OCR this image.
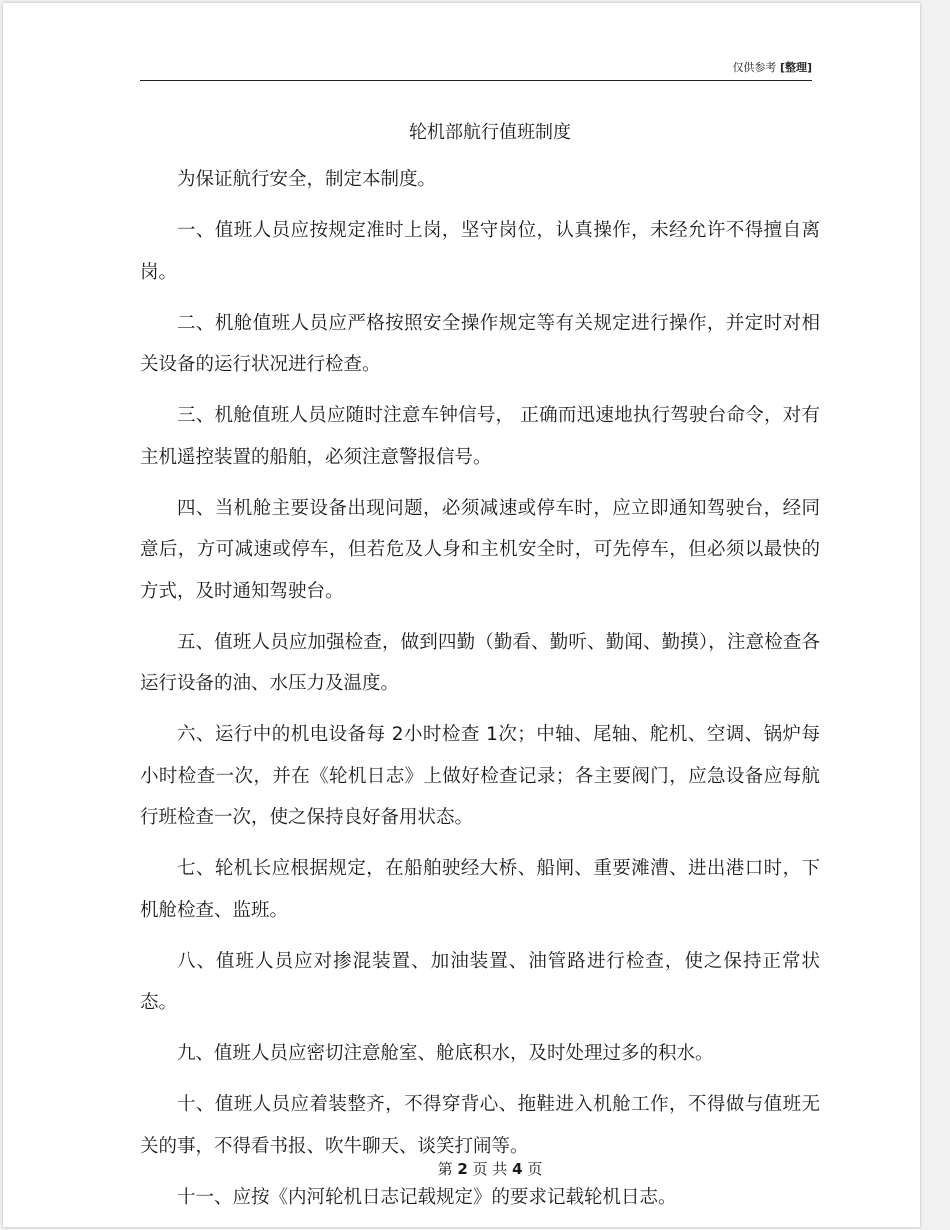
仅供参考 [整理]
轮机部航行值班制度

为保证航行安全，制定本制度。

一、值班人员应按规定准时上岗，坚守岗位，认真操作，未经允许不得擅自离岗。

二、机舱值班人员应严格按照安全操作规定等有关规定进行操作，并定时对相关设备的运行状况进行检查。

三、机舱值班人员应随时注意车钟信号， 正确而迅速地执行驾驶台命令，对有主机遥控装置的船舶，必须注意警报信号。

四、当机舱主要设备出现问题，必须减速或停车时，应立即通知驾驶台，经同意后，方可减速或停车，但若危及人身和主机安全时，可先停车，但必须以最快的方式，及时通知驾驶台。

五、值班人员应加强检查，做到四勤（勤看、勤听、勤闻、勤摸），注意检查各运行设备的油、水压力及温度。

六、运行中的机电设备每 2小时检查 1次；中轴、尾轴、舵机、空调、锅炉每小时检查一次，并在《轮机日志》上做好检查记录；各主要阀门，应急设备应每航行班检查一次，使之保持良好备用状态。

七、轮机长应根据规定，在船舶驶经大桥、船闸、重要滩漕、进出港口时，下机舱检查、监班。

八、值班人员应对掺混装置、加油装置、油管路进行检查，使之保持正常状态。

九、值班人员应密切注意舱室、舱底积水，及时处理过多的积水。

十、值班人员应着装整齐，不得穿背心、拖鞋进入机舱工作，不得做与值班无关的事，不得看书报、吹牛聊天、谈笑打闹等。

十一、应按《内河轮机日志记载规定》的要求记载轮机日志。

第 2 页 共 4 页
